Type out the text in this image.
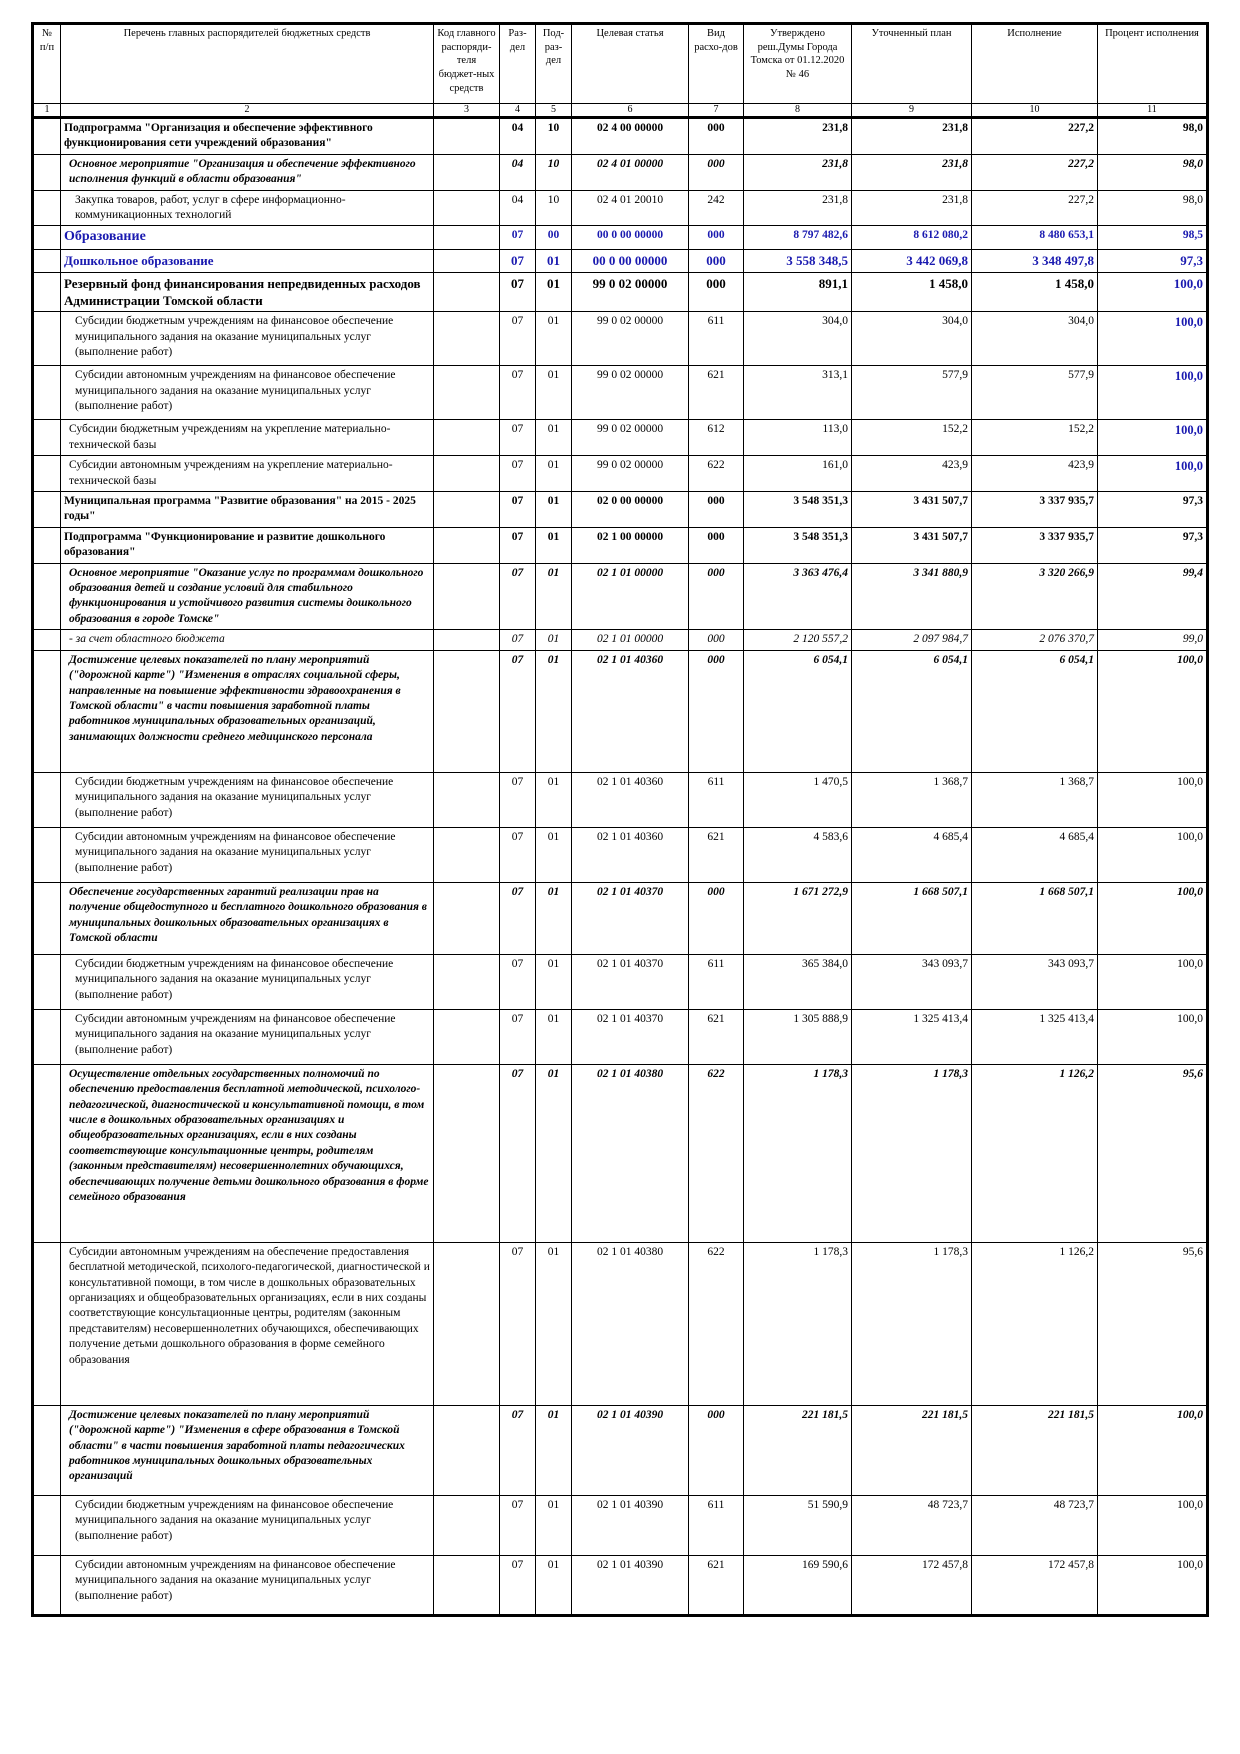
№ п/п	Перечень главных распорядителей бюджетных средств	Код главного распоряди-теля бюджет-ных средств	Раз-дел	Под-раз-дел	Целевая статья	Вид расхо-дов	Утверждено реш.Думы Города Томска от 01.12.2020 № 46	Уточненный план	Исполнение	Процент исполнения
1	2	3	4	5	6	7	8	9	10	11
	Подпрограмма "Организация и обеспечение эффективного функционирования сети учреждений образования"		04	10	02 4 00 00000	000	231,8	231,8	227,2	98,0
	Основное мероприятие "Организация и обеспечение эффективного исполнения функций в области образования"		04	10	02 4 01 00000	000	231,8	231,8	227,2	98,0
	Закупка товаров, работ, услуг в сфере информационно-коммуникационных технологий		04	10	02 4 01 20010	242	231,8	231,8	227,2	98,0
	Образование		07	00	00 0 00 00000	000	8 797 482,6	8 612 080,2	8 480 653,1	98,5
	Дошкольное образование		07	01	00 0 00 00000	000	3 558 348,5	3 442 069,8	3 348 497,8	97,3
	Резервный фонд финансирования непредвиденных расходов Администрации Томской области		07	01	99 0 02 00000	000	891,1	1 458,0	1 458,0	100,0
	Субсидии бюджетным учреждениям на финансовое обеспечение муниципального задания на оказание муниципальных услуг (выполнение работ)		07	01	99 0 02 00000	611	304,0	304,0	304,0	100,0
	Субсидии автономным учреждениям на финансовое обеспечение муниципального задания на оказание муниципальных услуг (выполнение работ)		07	01	99 0 02 00000	621	313,1	577,9	577,9	100,0
	Субсидии бюджетным учреждениям на укрепление материально-технической базы		07	01	99 0 02 00000	612	113,0	152,2	152,2	100,0
	Субсидии автономным учреждениям на укрепление материально-технической базы		07	01	99 0 02 00000	622	161,0	423,9	423,9	100,0
	Муниципальная программа "Развитие образования" на 2015 - 2025 годы"		07	01	02 0 00 00000	000	3 548 351,3	3 431 507,7	3 337 935,7	97,3
	Подпрограмма "Функционирование и развитие дошкольного образования"		07	01	02 1 00 00000	000	3 548 351,3	3 431 507,7	3 337 935,7	97,3
	Основное мероприятие "Оказание услуг по программам дошкольного образования детей и создание условий для стабильного функционирования и устойчивого развития системы дошкольного образования в городе Томске"		07	01	02 1 01 00000	000	3 363 476,4	3 341 880,9	3 320 266,9	99,4
	- за счет областного бюджета		07	01	02 1 01 00000	000	2 120 557,2	2 097 984,7	2 076 370,7	99,0
	Достижение целевых показателей по плану мероприятий ("дорожной карте") "Изменения в отраслях социальной сферы, направленные на повышение эффективности здравоохранения в Томской области" в части повышения заработной платы работников муниципальных образовательных организаций, занимающих должности среднего медицинского персонала		07	01	02 1 01 40360	000	6 054,1	6 054,1	6 054,1	100,0
	Субсидии бюджетным учреждениям на финансовое обеспечение муниципального задания на оказание муниципальных услуг (выполнение работ)		07	01	02 1 01 40360	611	1 470,5	1 368,7	1 368,7	100,0
	Субсидии автономным учреждениям на финансовое обеспечение муниципального задания на оказание муниципальных услуг (выполнение работ)		07	01	02 1 01 40360	621	4 583,6	4 685,4	4 685,4	100,0
	Обеспечение государственных гарантий реализации прав на получение общедоступного и бесплатного дошкольного образования в муниципальных дошкольных образовательных организациях в Томской области		07	01	02 1 01 40370	000	1 671 272,9	1 668 507,1	1 668 507,1	100,0
	Субсидии бюджетным учреждениям на финансовое обеспечение муниципального задания на оказание муниципальных услуг (выполнение работ)		07	01	02 1 01 40370	611	365 384,0	343 093,7	343 093,7	100,0
	Субсидии автономным учреждениям на финансовое обеспечение муниципального задания на оказание муниципальных услуг (выполнение работ)		07	01	02 1 01 40370	621	1 305 888,9	1 325 413,4	1 325 413,4	100,0
	Осуществление отдельных государственных полномочий по обеспечению предоставления бесплатной методической, психолого-педагогической, диагностической и консультативной помощи, в том числе в дошкольных образовательных организациях и общеобразовательных организациях, если в них созданы соответствующие консультационные центры, родителям (законным представителям) несовершеннолетних обучающихся, обеспечивающих получение детьми дошкольного образования в форме семейного образования		07	01	02 1 01 40380	622	1 178,3	1 178,3	1 126,2	95,6
	Субсидии автономным учреждениям на обеспечение предоставления бесплатной методической, психолого-педагогической, диагностической и консультативной помощи, в том числе в дошкольных образовательных организациях и общеобразовательных организациях, если в них созданы соответствующие консультационные центры, родителям (законным представителям) несовершеннолетних обучающихся, обеспечивающих получение детьми дошкольного образования в форме семейного образования		07	01	02 1 01 40380	622	1 178,3	1 178,3	1 126,2	95,6
	Достижение целевых показателей по плану мероприятий ("дорожной карте") "Изменения в сфере образования в Томской области" в части повышения заработной платы педагогических работников муниципальных дошкольных образовательных организаций		07	01	02 1 01 40390	000	221 181,5	221 181,5	221 181,5	100,0
	Субсидии бюджетным учреждениям на финансовое обеспечение муниципального задания на оказание муниципальных услуг (выполнение работ)		07	01	02 1 01 40390	611	51 590,9	48 723,7	48 723,7	100,0
	Субсидии автономным учреждениям на финансовое обеспечение муниципального задания на оказание муниципальных услуг (выполнение работ)		07	01	02 1 01 40390	621	169 590,6	172 457,8	172 457,8	100,0
